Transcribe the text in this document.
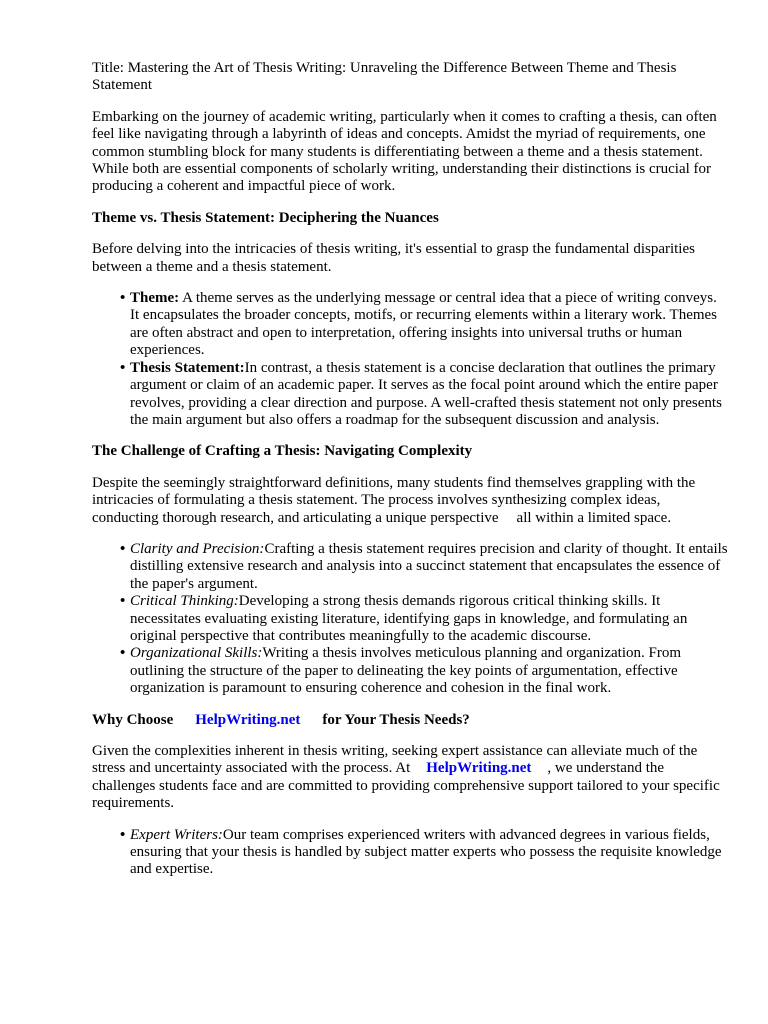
Title: Mastering the Art of Thesis Writing: Unraveling the Difference Between Theme and Thesis Statement

Embarking on the journey of academic writing, particularly when it comes to crafting a thesis, can often feel like navigating through a labyrinth of ideas and concepts. Amidst the myriad of requirements, one common stumbling block for many students is differentiating between a theme and a thesis statement. While both are essential components of scholarly writing, understanding their distinctions is crucial for producing a coherent and impactful piece of work.

Theme vs. Thesis Statement: Deciphering the Nuances

Before delving into the intricacies of thesis writing, it's essential to grasp the fundamental disparities between a theme and a thesis statement.

• Theme: A theme serves as the underlying message or central idea that a piece of writing conveys. It encapsulates the broader concepts, motifs, or recurring elements within a literary work. Themes are often abstract and open to interpretation, offering insights into universal truths or human experiences.
• Thesis Statement:In contrast, a thesis statement is a concise declaration that outlines the primary argument or claim of an academic paper. It serves as the focal point around which the entire paper revolves, providing a clear direction and purpose. A well-crafted thesis statement not only presents the main argument but also offers a roadmap for the subsequent discussion and analysis.
The Challenge of Crafting a Thesis: Navigating Complexity

Despite the seemingly straightforward definitions, many students find themselves grappling with the intricacies of formulating a thesis statement. The process involves synthesizing complex ideas, conducting thorough research, and articulating a unique perspective all within a limited space.

• Clarity and Precision:Crafting a thesis statement requires precision and clarity of thought. It entails distilling extensive research and analysis into a succinct statement that encapsulates the essence of the paper's argument.
• Critical Thinking:Developing a strong thesis demands rigorous critical thinking skills. It necessitates evaluating existing literature, identifying gaps in knowledge, and formulating an original perspective that contributes meaningfully to the academic discourse.
• Organizational Skills:Writing a thesis involves meticulous planning and organization. From outlining the structure of the paper to delineating the key points of argumentation, effective organization is paramount to ensuring coherence and cohesion in the final work.
Why Choose HelpWriting.net for Your Thesis Needs?

Given the complexities inherent in thesis writing, seeking expert assistance can alleviate much of the stress and uncertainty associated with the process. At HelpWriting.net , we understand the challenges students face and are committed to providing comprehensive support tailored to your specific requirements.

• Expert Writers:Our team comprises experienced writers with advanced degrees in various fields, ensuring that your thesis is handled by subject matter experts who possess the requisite knowledge and expertise.
